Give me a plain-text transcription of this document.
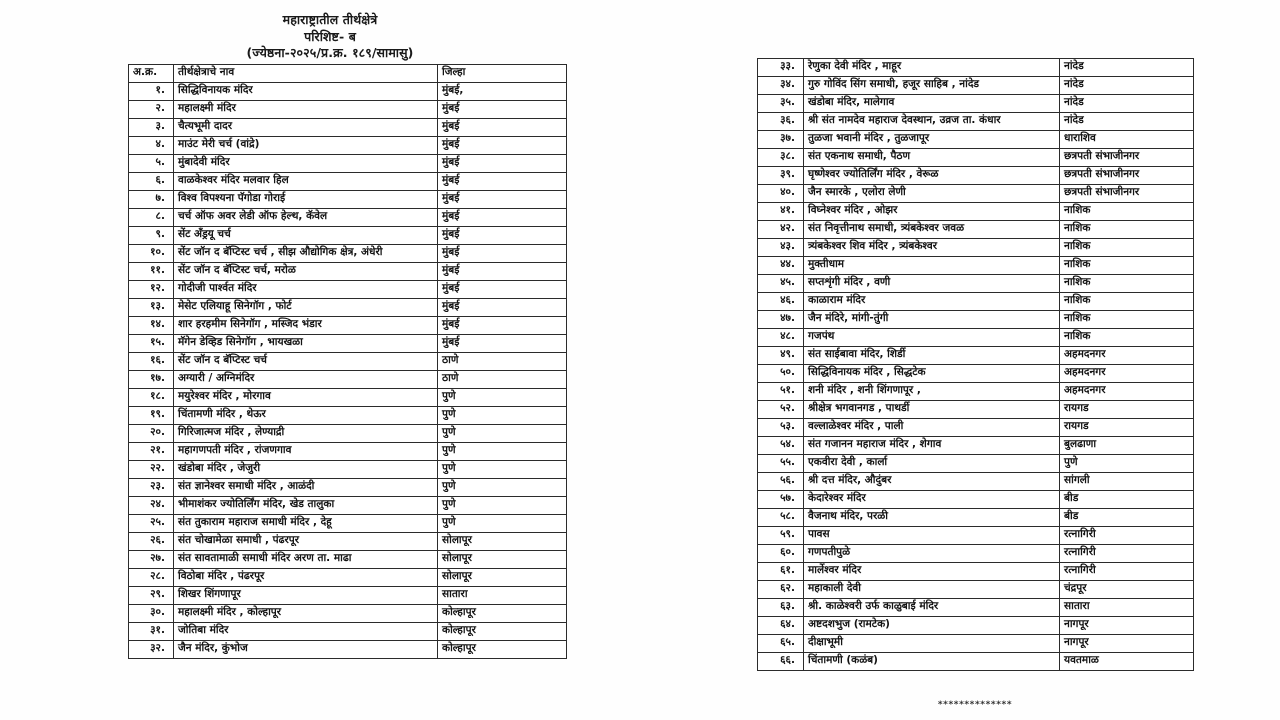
महाराष्ट्रातील तीर्थक्षेत्रे
परिशिष्ट- ब
(ज्येष्ठना-२०२५/प्र.क्र. १८९/सामासु)
अ.क्र.	तीर्थक्षेत्राचे नाव	जिल्हा
१.	सिद्धिविनायक मंदिर	मुंबई,
२.	महालक्ष्मी मंदिर	मुंबई
३.	चैत्यभूमी दादर	मुंबई
४.	माउंट मेरी चर्च (वांद्रे)	मुंबई
५.	मुंबादेवी मंदिर	मुंबई
६.	वाळकेश्वर मंदिर मलवार हिल	मुंबई
७.	विश्व विपश्यना पॅगोडा गोराई	मुंबई
८.	चर्च ऑफ अवर लेडी ऑफ हेल्थ, कॅवेल	मुंबई
९.	सेंट अँड्रयू चर्च	मुंबई
१०.	सेंट जॉन द बॅप्टिस्ट चर्च , सीझ औद्योगिक क्षेत्र, अंधेरी	मुंबई
११.	सेंट जॉन द बॅप्टिस्ट चर्च, मरोळ	मुंबई
१२.	गोदीजी पार्श्वत मंदिर	मुंबई
१३.	मेसेट एलियाहू सिनेगॉग , फोर्ट	मुंबई
१४.	शार हरहमीम सिनेगॉग , मस्जिद भंडार	मुंबई
१५.	मॅगेन डेव्हिड सिनेगॉग , भायखळा	मुंबई
१६.	सेंट जॉन द बॅप्टिस्ट चर्च	ठाणे
१७.	अग्यारी / अग्निमंदिर	ठाणे
१८.	मयुरेश्वर मंदिर , मोरगाव	पुणे
१९.	चिंतामणी मंदिर , थेऊर	पुणे
२०.	गिरिजात्मज मंदिर , लेण्याद्री	पुणे
२१.	महागणपती मंदिर , रांजणगाव	पुणे
२२.	खंडोबा मंदिर , जेजुरी	पुणे
२३.	संत ज्ञानेश्वर समाधी मंदिर , आळंदी	पुणे
२४.	भीमाशंकर ज्योतिर्लिंग मंदिर, खेड तालुका	पुणे
२५.	संत तुकाराम महाराज समाधी मंदिर , देहू	पुणे
२६.	संत चोखामेळा समाधी , पंढरपूर	सोलापूर
२७.	संत सावतामाळी समाधी मंदिर अरण ता. माढा	सोलापूर
२८.	विठोबा मंदिर , पंढरपूर	सोलापूर
२९.	शिखर शिंगणापूर	सातारा
३०.	महालक्ष्मी मंदिर , कोल्हापूर	कोल्हापूर
३१.	जोतिबा मंदिर	कोल्हापूर
३२.	जैन मंदिर, कुंभोज	कोल्हापूर
३३.	रेणुका देवी मंदिर , माहूर	नांदेड
३४.	गुरु गोविंद सिंग समाधी, हजूर साहिब , नांदेड	नांदेड
३५.	खंडोबा मंदिर, मालेगाव	नांदेड
३६.	श्री संत नामदेव महाराज देवस्थान, उव्रज ता. कंधार	नांदेड
३७.	तुळजा भवानी मंदिर , तुळजापूर	धाराशिव
३८.	संत एकनाथ समाधी, पैठण	छत्रपती संभाजीनगर
३९.	घृष्णेश्वर ज्योतिर्लिंग मंदिर , वेरूळ	छत्रपती संभाजीनगर
४०.	जैन स्मारके , एलोरा लेणी	छत्रपती संभाजीनगर
४१.	विघ्नेश्वर मंदिर , ओझर	नाशिक
४२.	संत निवृत्तीनाथ समाधी, त्र्यंबकेश्वर जवळ	नाशिक
४३.	त्र्यंबकेश्वर शिव मंदिर , त्र्यंबकेश्वर	नाशिक
४४.	मुक्तीधाम	नाशिक
४५.	सप्तशृंगी मंदिर , वणी	नाशिक
४६.	काळाराम मंदिर	नाशिक
४७.	जैन मंदिरे, मांगी-तुंगी	नाशिक
४८.	गजपंथ	नाशिक
४९.	संत साईबावा मंदिर, शिर्डी	अहमदनगर
५०.	सिद्धिविनायक मंदिर , सिद्धटेक	अहमदनगर
५१.	शनी मंदिर , शनी शिंगणापूर ,	अहमदनगर
५२.	श्रीक्षेत्र भगवानगड , पाथर्डी	रायगड
५३.	वल्लाळेश्वर मंदिर , पाली	रायगड
५४.	संत गजानन महाराज मंदिर , शेगाव	बुलढाणा
५५.	एकवीरा देवी , कार्ला	पुणे
५६.	श्री दत्त मंदिर, औदुंबर	सांगली
५७.	केदारेश्वर मंदिर	बीड
५८.	वैजनाथ मंदिर, परळी	बीड
५९.	पावस	रत्नागिरी
६०.	गणपतीपुळे	रत्नागिरी
६१.	मार्लेश्वर मंदिर	रत्नागिरी
६२.	महाकाली देवी	चंद्रपूर
६३.	श्री. काळेश्वरी उर्फ काळुबाई मंदिर	सातारा
६४.	अष्टदशभुज (रामटेक)	नागपूर
६५.	दीक्षाभूमी	नागपूर
६६.	चिंतामणी (कळंब)	यवतमाळ
**************
